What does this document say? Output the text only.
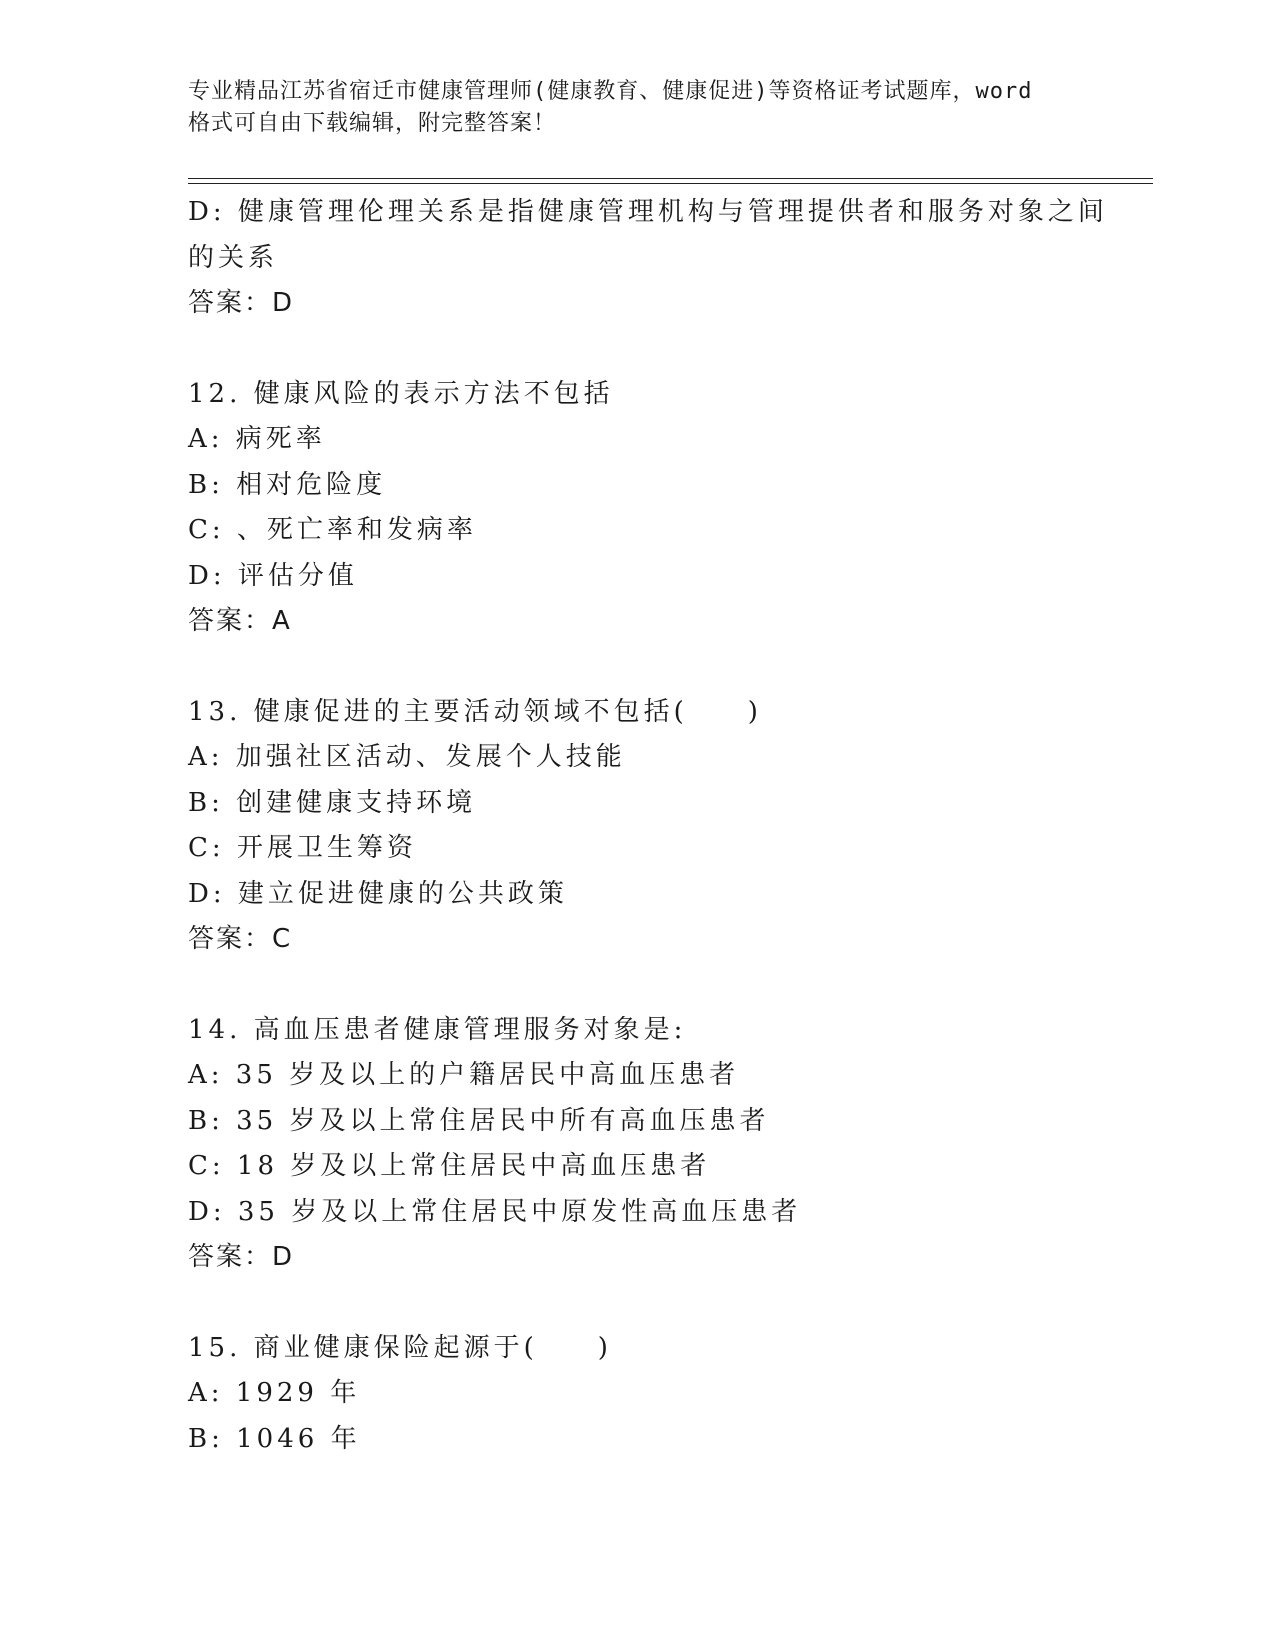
专业精品江苏省宿迁市健康管理师(健康教育、健康促进)等资格证考试题库，word
格式可自由下载编辑，附完整答案！
D: 健康管理伦理关系是指健康管理机构与管理提供者和服务对象之间
的关系
答案：D
12. 健康风险的表示方法不包括
A: 病死率
B: 相对危险度
C: 、死亡率和发病率
D: 评估分值
答案：A
13. 健康促进的主要活动领域不包括(　　)
A: 加强社区活动、发展个人技能
B: 创建健康支持环境
C: 开展卫生筹资
D: 建立促进健康的公共政策
答案：C
14. 高血压患者健康管理服务对象是:
A: 35 岁及以上的户籍居民中高血压患者
B: 35 岁及以上常住居民中所有高血压患者
C: 18 岁及以上常住居民中高血压患者
D: 35 岁及以上常住居民中原发性高血压患者
答案：D
15. 商业健康保险起源于(　　)
A: 1929 年
B: 1046 年
